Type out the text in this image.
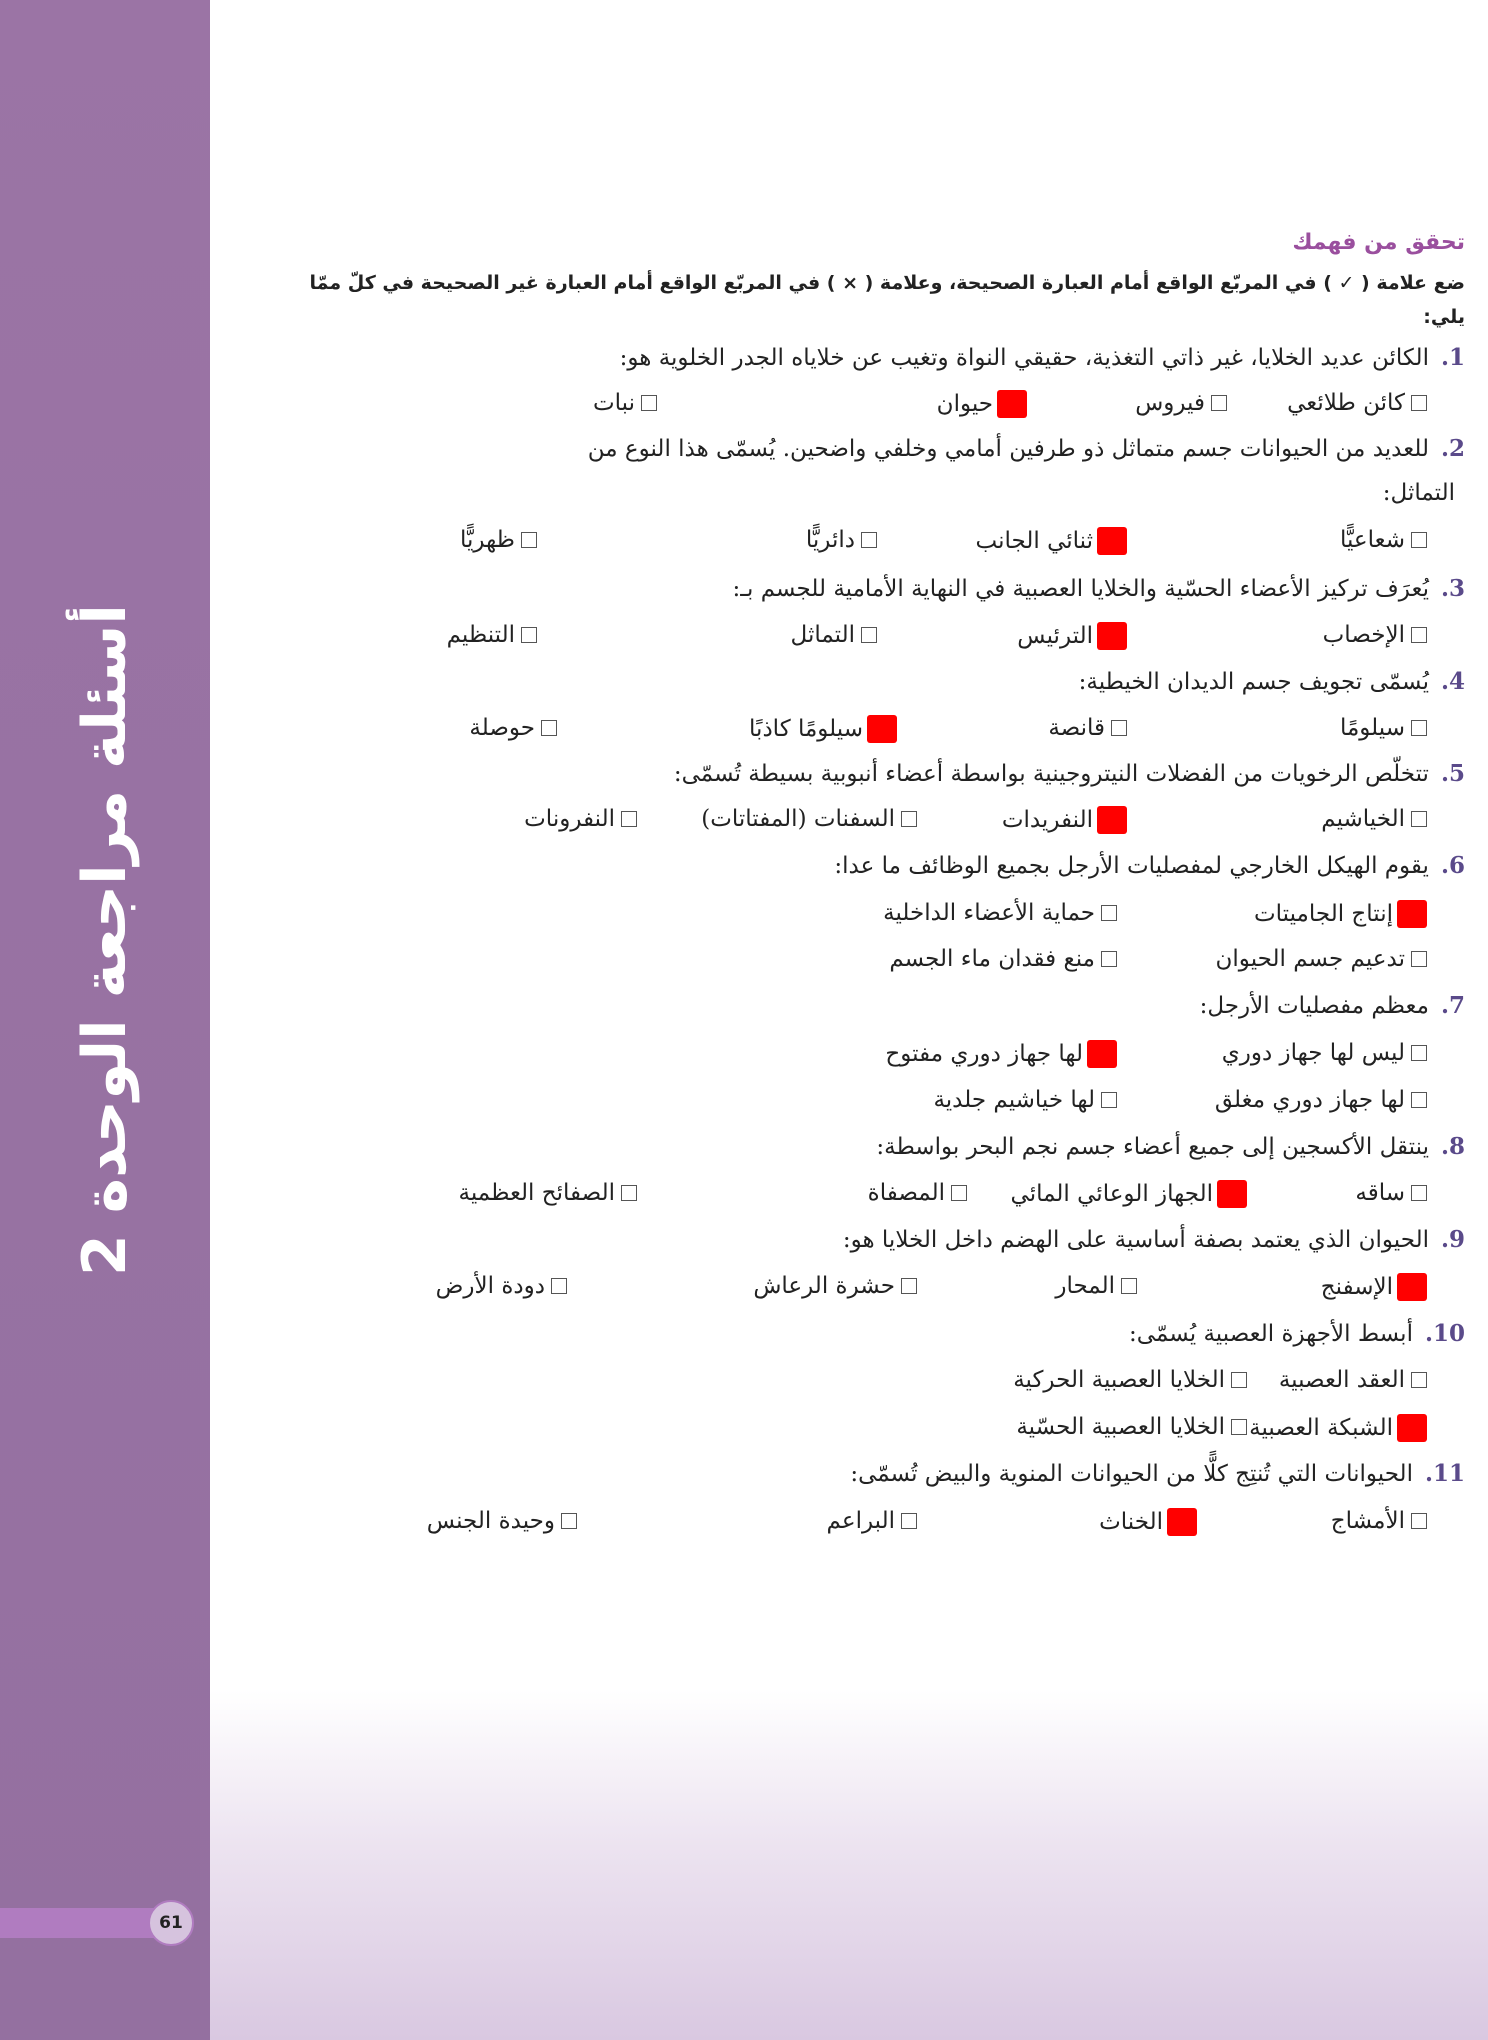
أسئلة مراجعة الوحدة 2
61
تحقق من فهمك
ضع علامة ( ✓ ) في المربّع الواقع أمام العبارة الصحيحة، وعلامة ( × ) في المربّع الواقع أمام العبارة غير الصحيحة في كلّ ممّا
يلي:
1.الكائن عديد الخلايا، غير ذاتي التغذية، حقيقي النواة وتغيب عن خلاياه الجدر الخلوية هو:
كائن طلائعي
فيروس
حيوان
نبات
2.للعديد من الحيوانات جسم متماثل ذو طرفين أمامي وخلفي واضحين. يُسمّى هذا النوع من
التماثل:
شعاعيًّا
ثنائي الجانب
دائريًّا
ظهريًّا
3.يُعرَف تركيز الأعضاء الحسّية والخلايا العصبية في النهاية الأمامية للجسم بـ:
الإخصاب
الترئيس
التماثل
التنظيم
4.يُسمّى تجويف جسم الديدان الخيطية:
سيلومًا
قانصة
سيلومًا كاذبًا
حوصلة
5.تتخلّص الرخويات من الفضلات النيتروجينية بواسطة أعضاء أنبوبية بسيطة تُسمّى:
الخياشيم
النفريدات
السفنات (المفتاتات)
النفرونات
6.يقوم الهيكل الخارجي لمفصليات الأرجل بجميع الوظائف ما عدا:
إنتاج الجاميتات
حماية الأعضاء الداخلية
تدعيم جسم الحيوان
منع فقدان ماء الجسم
7.معظم مفصليات الأرجل:
ليس لها جهاز دوري
لها جهاز دوري مفتوح
لها جهاز دوري مغلق
لها خياشيم جلدية
8.ينتقل الأكسجين إلى جميع أعضاء جسم نجم البحر بواسطة:
ساقه
الجهاز الوعائي المائي
المصفاة
الصفائح العظمية
9.الحيوان الذي يعتمد بصفة أساسية على الهضم داخل الخلايا هو:
الإسفنج
المحار
حشرة الرعاش
دودة الأرض
10.أبسط الأجهزة العصبية يُسمّى:
العقد العصبية
الخلايا العصبية الحركية
الشبكة العصبية
الخلايا العصبية الحسّية
11.الحيوانات التي تُنتِج كلًّا من الحيوانات المنوية والبيض تُسمّى:
الأمشاج
الخناث
البراعم
وحيدة الجنس
